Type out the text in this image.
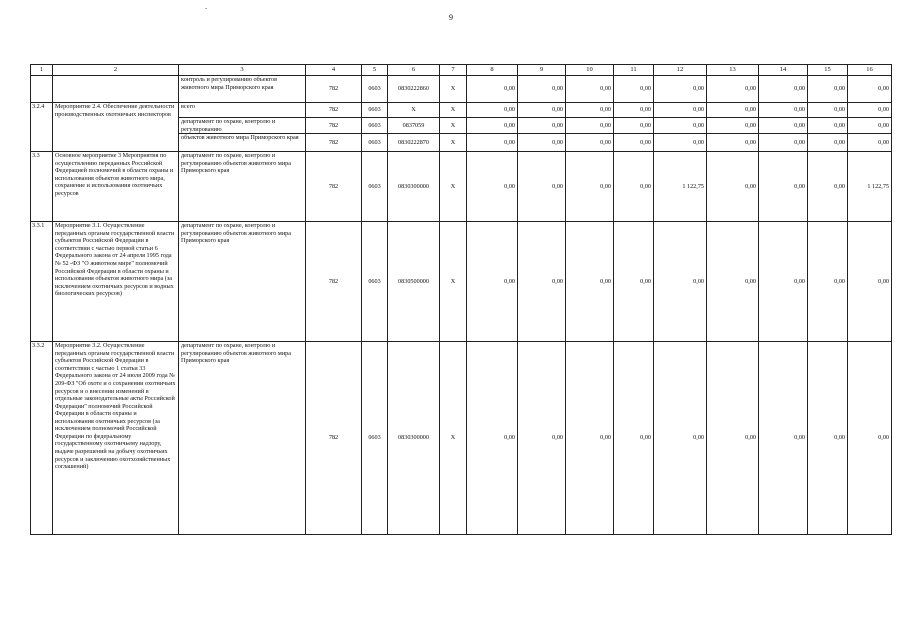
-
9
1	2	3	4	5	6	7	8	9	10	11	12	13	14	15	16
		контроль и регулированию объектов животного мира Приморского края	782	0603	0830222860	Х	0,00	0,00	0,00	0,00	0,00	0,00	0,00	0,00	0,00
3.2.4	Мероприятие 2.4. Обеспечение деятельности производственных охотничьих инспекторов	всего	782	0603	Х	Х	0,00	0,00	0,00	0,00	0,00	0,00	0,00	0,00	0,00
		департамент по охране, контролю и регулированию	782	0603	0837059	Х	0,00	0,00	0,00	0,00	0,00	0,00	0,00	0,00	0,00
		объектов животного мира Приморского края	782	0603	0830222870	Х	0,00	0,00	0,00	0,00	0,00	0,00	0,00	0,00	0,00
3.3	Основное мероприятие 3 Мероприятия по осуществлению переданных Российской Федерацией полномочий в области охраны и использования объектов животного мира, сохранение и использования охотничьих ресурсов	департамент по охране, контролю и регулированию объектов животного мира Приморского края	782	0603	0830300000	Х	0,00	0,00	0,00	0,00	1 122,75	0,00	0,00	0,00	1 122,75
3.3.1	Мероприятие 3.1. Осуществление переданных органам государственной власти субъектов Российской Федерации в соответствии с частью первой статьи 6 Федерального закона от 24 апреля 1995 года № 52 -ФЗ "О животном мире" полномочий Российской Федерации в области охраны и использования объектов животного мира (за исключением охотничьих ресурсов и водных биологических ресурсов)	департамент по охране, контролю и регулированию объектов животного мира Приморского края	782	0603	0830500000	Х	0,00	0,00	0,00	0,00	0,00	0,00	0,00	0,00	0,00
3.3.2	Мероприятие 3.2. Осуществление переданных органам государственной власти субъектов Российской Федерации в соответствии с частью 1 статьи 33 Федерального закона от 24 июля 2009 года № 209-ФЗ "Об охоте и о сохранении охотничьих ресурсов и о внесении изменений в отдельные законодательные акты Российской Федерации" полномочий Российской Федерации в области охраны и использования охотничьих ресурсов (за исключением полномочий Российской Федерации по федеральному государственному охотничьему надзору, выдаче разрешений на добычу охотничьих ресурсов и заключению охотхозяйственных соглашений)	департамент по охране, контролю и регулированию объектов животного мира Приморского края	782	0603	0830300000	Х	0,00	0,00	0,00	0,00	0,00	0,00	0,00	0,00	0,00
